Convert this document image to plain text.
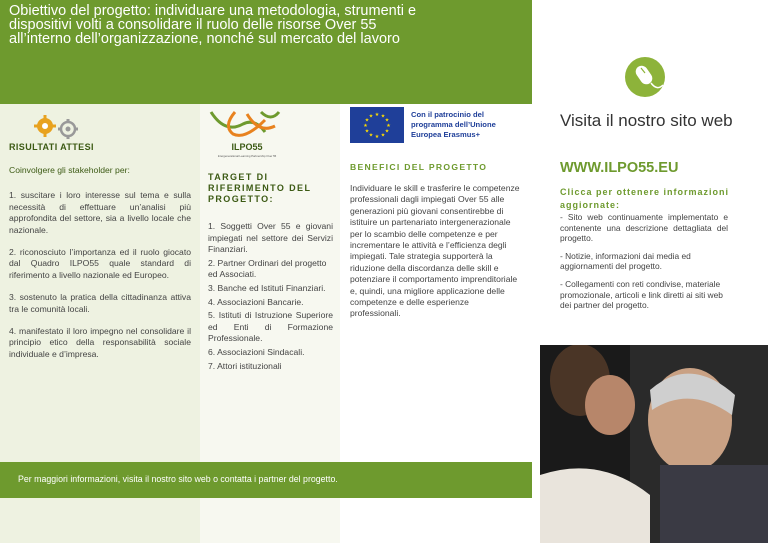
Obiettivo del progetto: individuare una metodologia, strumenti e dispositivi volti a consolidare il ruolo delle risorse Over 55 all’interno dell’organizzazione, nonché sul mercato del lavoro
RISULTATI ATTESI

Coinvolgere gli stakeholder per:

1. suscitare i loro interesse sul tema e sulla necessità di effettuare un’analisi più approfondita del settore, sia a livello locale che nazionale.

2. riconosciuto l’importanza ed il ruolo giocato dal Quadro ILPO55 quale standard di riferimento a livello nazionale ed Europeo.

3. sostenuto la pratica della cittadinanza attiva tra le comunità locali.

4. manifestato il loro impegno nel consolidare il principio etico della responsabilità sociale individuale e d’impresa.

ILPO55
Intergenerational Learning Partnership Over 55
TARGET DI RIFERIMENTO DEL PROGETTO:
1. Soggetti Over 55 e giovani impiegati nel settore dei Servizi Finanziari.
2. Partner Ordinari del progetto ed Associati.
3. Banche ed Istituti Finanziari.
4. Associazioni Bancarie.
5. Istituti di Istruzione Superiore ed Enti di Formazione Professionale.
6. Associazioni Sindacali.
7. Attori istituzionali
★ ★
★
★
★
★
★
★
★
★
★
★	Con il patrocinio del programma dell’Unione Europea Erasmus+
BENEFICI DEL PROGETTO
Individuare le skill e trasferire le competenze professionali dagli impiegati Over 55 alle generazioni più giovani consentirebbe di istituire un partenariato intergenerazionale per lo scambio delle competenze e per incrementare le attività e l’efficienza degli impiegati. Tale strategia supporterà la riduzione della discordanza delle skill e potenziare il comportamento imprenditoriale e, quindi, una migliore applicazione delle competenze e delle esperienze professionali.
Visita il nostro sito web
WWW.ILPO55.EU
Clicca per ottenere informazioni aggiornate:

- Sito web continuamente implementato e contenente una descrizione dettagliata del progetto.

- Notizie, informazioni dai media ed aggiornamenti del progetto.

- Collegamenti con reti condivise, materiale promozionale, articoli e link diretti ai siti web dei partner del progetto.

Per maggiori informazioni, visita il nostro sito web o contatta i partner del progetto.
